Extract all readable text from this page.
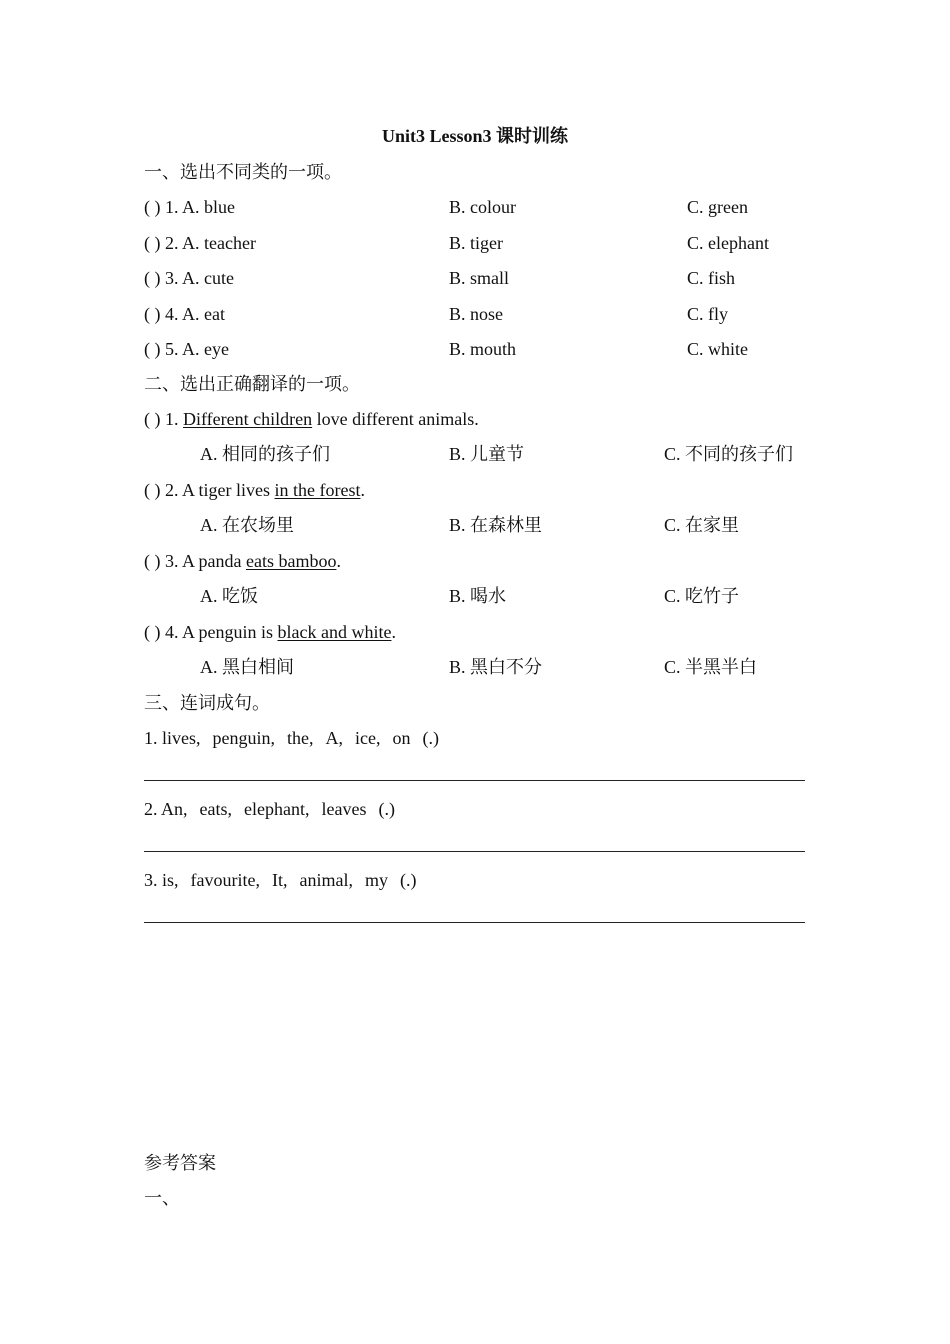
Unit3 Lesson3 课时训练
一、选出不同类的一项。
( ) 1. A. blue	B. colour	C. green
( ) 2. A. teacher	B. tiger	C. elephant
( ) 3. A. cute	B. small	C. fish
( ) 4. A. eat	B. nose	C. fly
( ) 5. A. eye	B. mouth	C. white
二、选出正确翻译的一项。
( ) 1. Different children love different animals.
A. 相同的孩子们	B. 儿童节	C. 不同的孩子们
( ) 2. A tiger lives in the forest.
A. 在农场里	B. 在森林里	C. 在家里
( ) 3. A panda eats bamboo.
A. 吃饭	B. 喝水	C. 吃竹子
( ) 4. A penguin is black and white.
A. 黑白相间	B. 黑白不分	C. 半黑半白
三、连词成句。
1. lives, penguin, the, A, ice, on (.)
2. An, eats, elephant, leaves (.)
3. is, favourite, It, animal, my (.)
参考答案
一、
